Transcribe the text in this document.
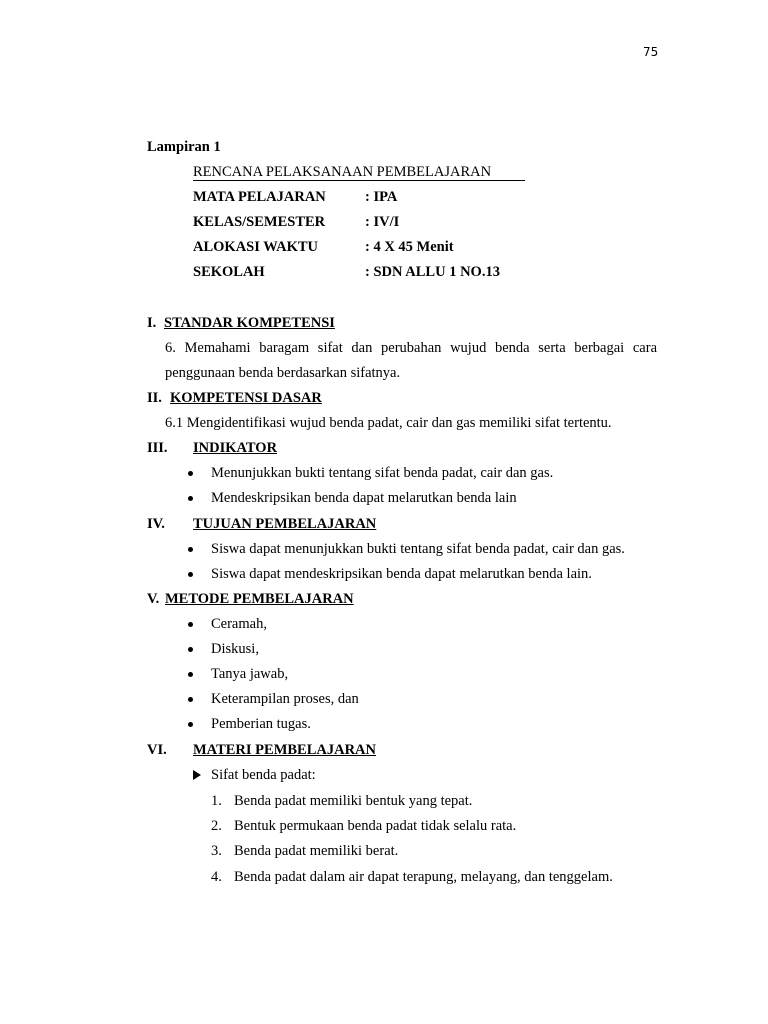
75
Lampiran 1
RENCANA PELAKSANAAN PEMBELAJARAN
MATA PELAJARAN	: IPA
KELAS/SEMESTER	: IV/I
ALOKASI WAKTU	: 4 X 45 Menit
SEKOLAH	: SDN ALLU 1 NO.13
I. STANDAR KOMPETENSI
6. Memahami baragam sifat dan perubahan wujud benda serta berbagai cara
penggunaan benda berdasarkan sifatnya.
II. KOMPETENSI DASAR
6.1 Mengidentifikasi wujud benda padat, cair dan gas memiliki sifat tertentu.
III. INDIKATOR
Menunjukkan bukti tentang sifat benda padat, cair dan gas.
Mendeskripsikan benda dapat melarutkan benda lain
IV. TUJUAN PEMBELAJARAN
Siswa dapat menunjukkan bukti tentang sifat benda padat, cair dan gas.
Siswa dapat mendeskripsikan benda dapat melarutkan benda lain.
V. METODE PEMBELAJARAN
Ceramah,
Diskusi,
Tanya jawab,
Keterampilan proses, dan
Pemberian tugas.
VI. MATERI PEMBELAJARAN
Sifat benda padat:
1. Benda padat memiliki bentuk yang tepat.
2. Bentuk permukaan benda padat tidak selalu rata.
3. Benda padat memiliki berat.
4. Benda padat dalam air dapat terapung, melayang, dan tenggelam.
